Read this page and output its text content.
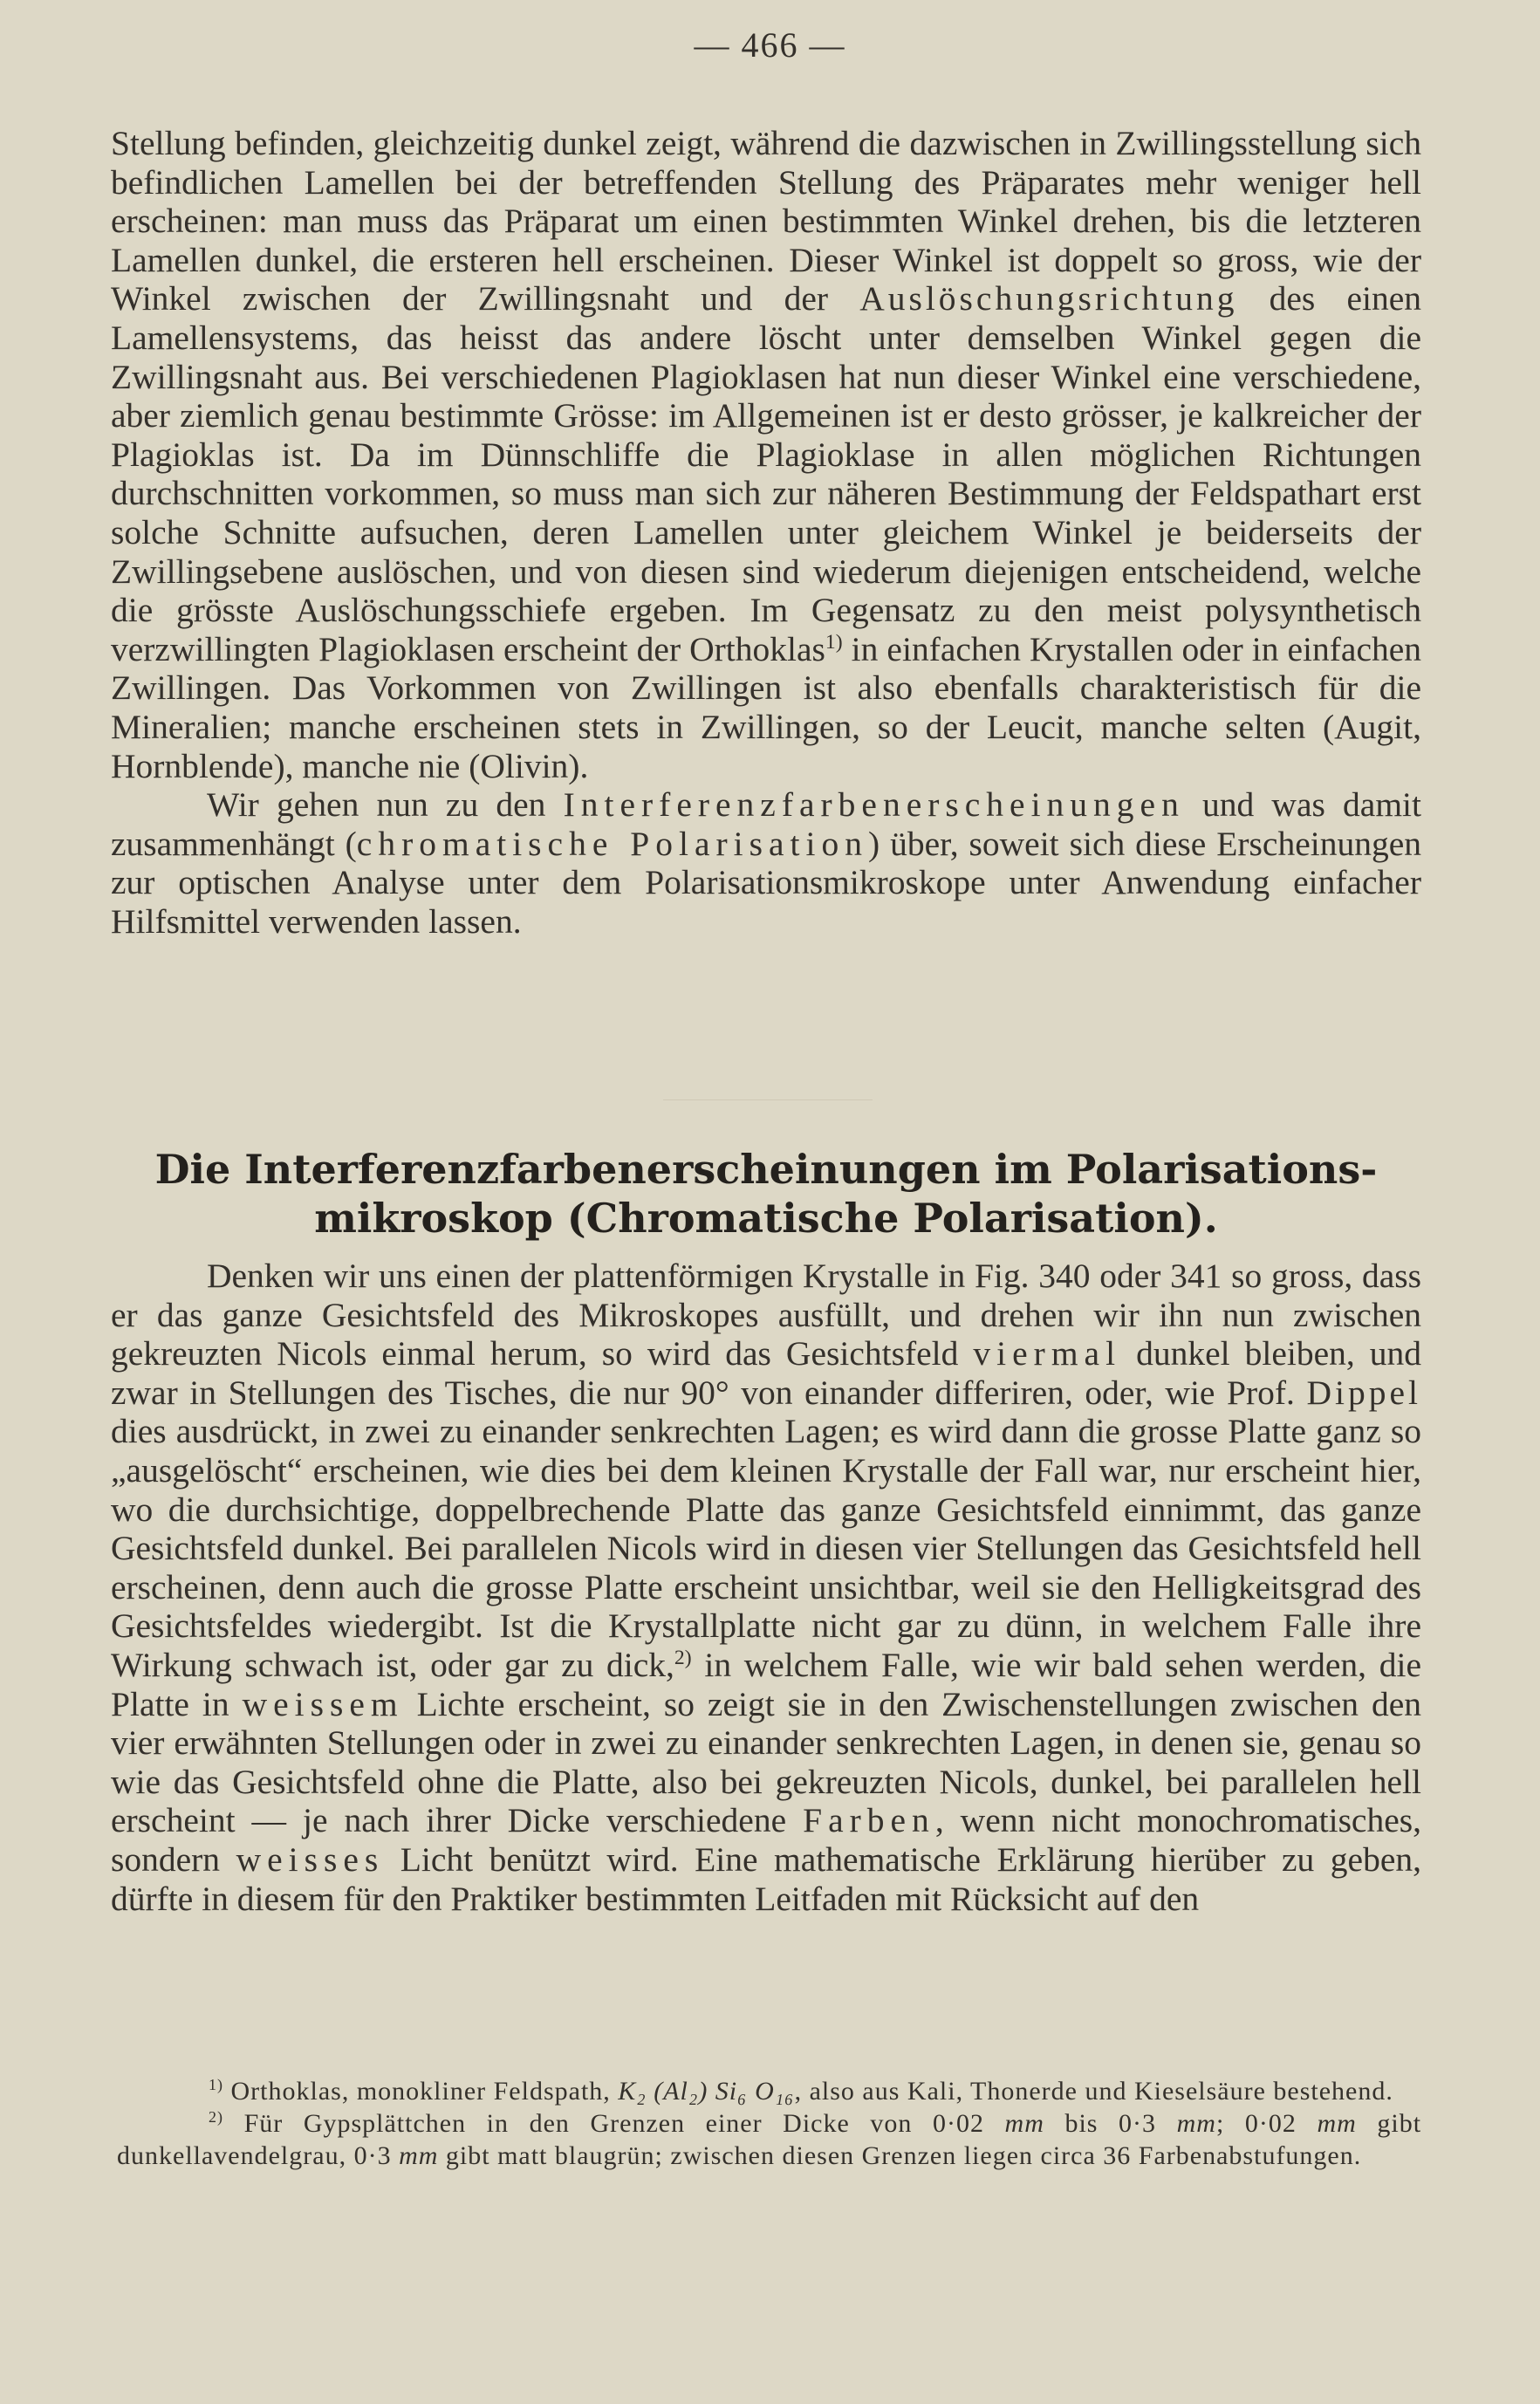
— 466 —

Stellung befinden, gleichzeitig dunkel zeigt, während die dazwischen in Zwillingsstellung sich befindlichen Lamellen bei der betreffenden Stellung des Präparates mehr weniger hell erscheinen: man muss das Präparat um einen bestimmten Winkel drehen, bis die letzteren Lamellen dunkel, die ersteren hell erscheinen. Dieser Winkel ist doppelt so gross, wie der Winkel zwischen der Zwillingsnaht und der Auslöschungsrichtung des einen Lamellensystems, das heisst das andere löscht unter demselben Winkel gegen die Zwillingsnaht aus. Bei verschiedenen Plagioklasen hat nun dieser Winkel eine verschiedene, aber ziemlich genau bestimmte Grösse: im Allgemeinen ist er desto grösser, je kalkreicher der Plagioklas ist. Da im Dünnschliffe die Plagioklase in allen möglichen Richtungen durchschnitten vorkommen, so muss man sich zur näheren Bestimmung der Feldspathart erst solche Schnitte aufsuchen, deren Lamellen unter gleichem Winkel je beiderseits der Zwillingsebene auslöschen, und von diesen sind wiederum diejenigen entscheidend, welche die grösste Auslöschungsschiefe ergeben. Im Gegensatz zu den meist polysynthetisch verzwillingten Plagioklasen erscheint der Orthoklas$^{1)}$ in einfachen Krystallen oder in einfachen Zwillingen. Das Vorkommen von Zwillingen ist also ebenfalls charakteristisch für die Mineralien; manche erscheinen stets in Zwillingen, so der Leucit, manche selten (Augit, Hornblende), manche nie (Olivin).

Wir gehen nun zu den Interferenzfarbenerscheinungen und was damit zusammenhängt (chromatische Polarisation) über, soweit sich diese Erscheinungen zur optischen Analyse unter dem Polarisationsmikroskope unter Anwendung einfacher Hilfsmittel verwenden lassen.

Die Interferenzfarbenerscheinungen im Polarisations-
mikroskop (Chromatische Polarisation).

Denken wir uns einen der plattenförmigen Krystalle in Fig. 340 oder 341 so gross, dass er das ganze Gesichtsfeld des Mikroskopes ausfüllt, und drehen wir ihn nun zwischen gekreuzten Nicols einmal herum, so wird das Gesichtsfeld viermal dunkel bleiben, und zwar in Stellungen des Tisches, die nur 90° von einander differiren, oder, wie Prof. Dippel dies ausdrückt, in zwei zu einander senkrechten Lagen; es wird dann die grosse Platte ganz so „ausgelöscht“ erscheinen, wie dies bei dem kleinen Krystalle der Fall war, nur erscheint hier, wo die durchsichtige, doppelbrechende Platte das ganze Gesichtsfeld einnimmt, das ganze Gesichtsfeld dunkel. Bei parallelen Nicols wird in diesen vier Stellungen das Gesichtsfeld hell erscheinen, denn auch die grosse Platte erscheint unsichtbar, weil sie den Helligkeitsgrad des Gesichtsfeldes wiedergibt. Ist die Krystallplatte nicht gar zu dünn, in welchem Falle ihre Wirkung schwach ist, oder gar zu dick,$^{2)}$ in welchem Falle, wie wir bald sehen werden, die Platte in weissem Lichte erscheint, so zeigt sie in den Zwischenstellungen zwischen den vier erwähnten Stellungen oder in zwei zu einander senkrechten Lagen, in denen sie, genau so wie das Gesichtsfeld ohne die Platte, also bei gekreuzten Nicols, dunkel, bei parallelen hell erscheint — je nach ihrer Dicke verschiedene Farben, wenn nicht monochromatisches, sondern weisses Licht benützt wird. Eine mathematische Erklärung hierüber zu geben, dürfte in diesem für den Praktiker bestimmten Leitfaden mit Rücksicht auf den

$^{1)}$ Orthoklas, monokliner Feldspath, K₂ (Al₂) Si₆ O₁₆, also aus Kali, Thonerde und Kieselsäure bestehend.

$^{2)}$ Für Gypsplättchen in den Grenzen einer Dicke von 0·02 mm bis 0·3 mm; 0·02 mm gibt dunkellavendelgrau, 0·3 mm gibt matt blaugrün; zwischen diesen Grenzen liegen circa 36 Farbenabstufungen.
